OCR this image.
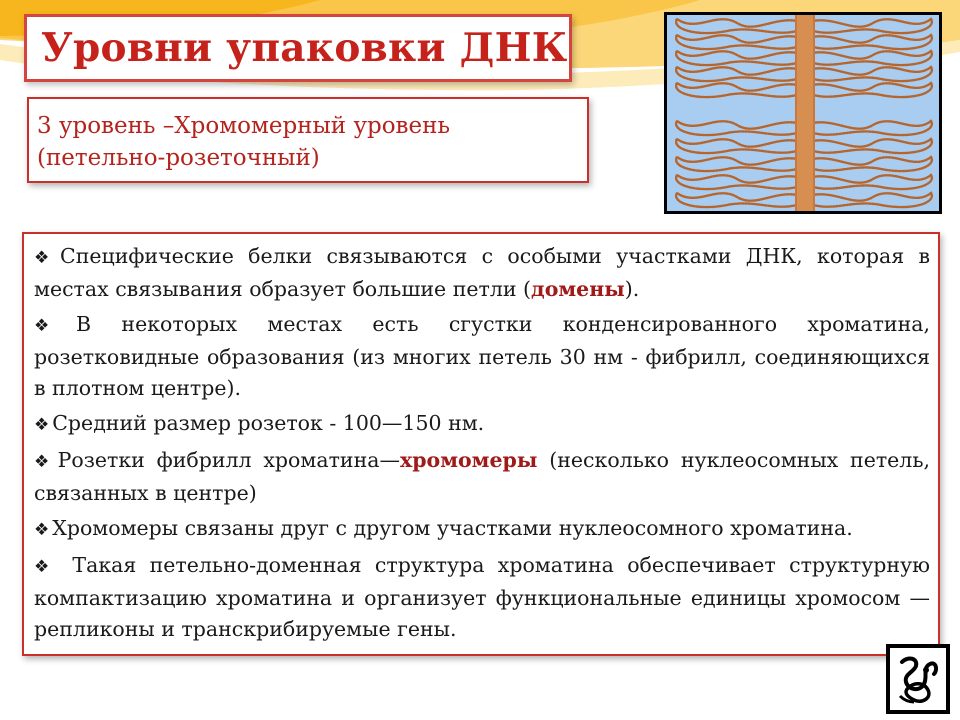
Уровни упаковки ДНК
3 уровень –Хромомерный уровень
(петельно-розеточный)

❖ Специфические белки связываются с особыми участками ДНК, которая в местах связывания образует большие петли (домены).

❖ В некоторых местах есть сгустки конденсированного хроматина, розетковидные образования (из многих петель 30 нм - фибрилл, соединяющихся в плотном центре).

❖ Средний размер розеток - 100—150 нм.

❖ Розетки фибрилл хроматина—хромомеры (несколько нуклеосомных петель, связанных в центре)

❖ Хромомеры связаны друг с другом участками нуклеосомного хроматина.

❖ Такая петельно-доменная структура хроматина обеспечивает структурную компактизацию хроматина и организует функциональные единицы хромосом — репликоны и транскрибируемые гены.
